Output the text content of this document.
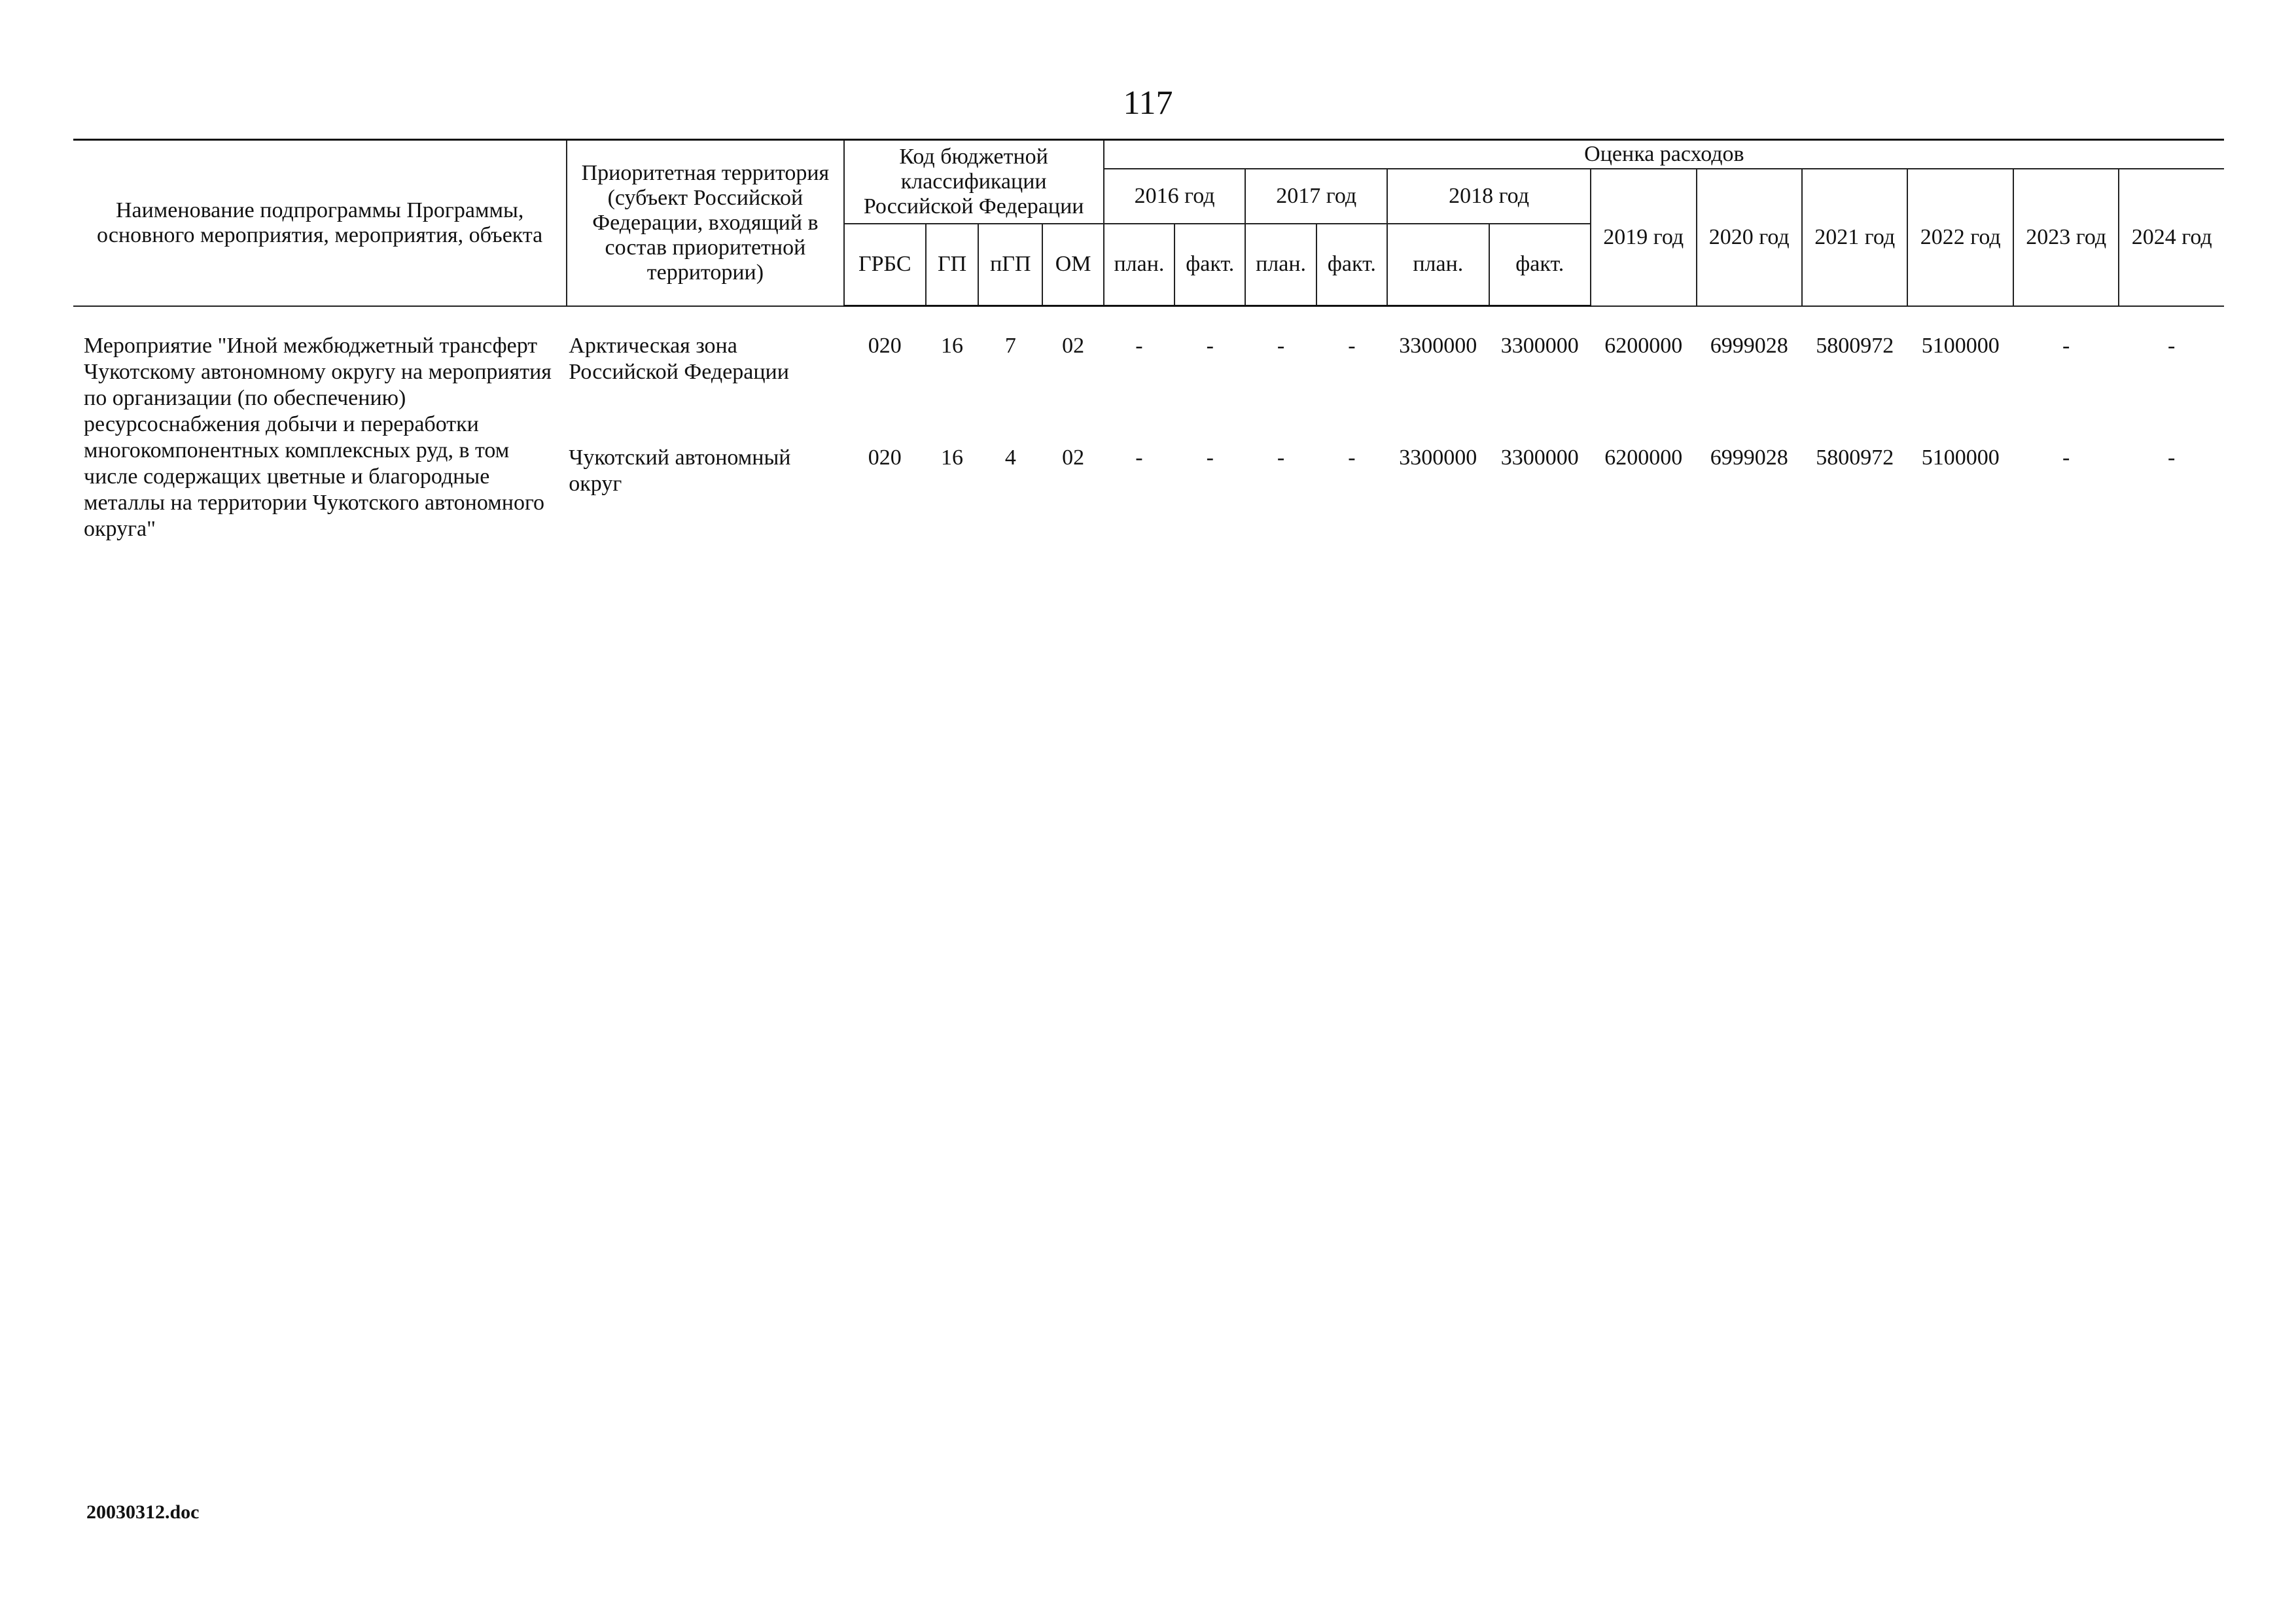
117
Наименование подпрограммы Программы, основного мероприятия, мероприятия, объекта	Приоритетная территория (субъект Российской Федерации, входящий в состав приоритетной территории)	Код бюджетной классификации Российской Федерации				Оценка расходов											
						2016 год		2017 год		2018 год		2019 год	2020 год	2021 год	2022 год	2023 год	2024 год
		ГРБС	ГП	пГП	ОМ	план.	факт.	план.	факт.	план.	факт.						
Мероприятие "Иной межбюджетный трансферт Чукотскому автономному округу на мероприятия по организации (по обеспечению) ресурсоснабжения добычи и переработки многокомпонентных комплексных руд, в том числе содержащих цветные и благородные металлы на территории Чукотского автономного округа"	Арктическая зона Российской Федерации	020	16	7	02	-	-	-	-	3300000	3300000	6200000	6999028	5800972	5100000	-	-

	Чукотский автономный округ	020	16	4	02	-	-	-	-	3300000	3300000	6200000	6999028	5800972	5100000	-	-
20030312.doc
